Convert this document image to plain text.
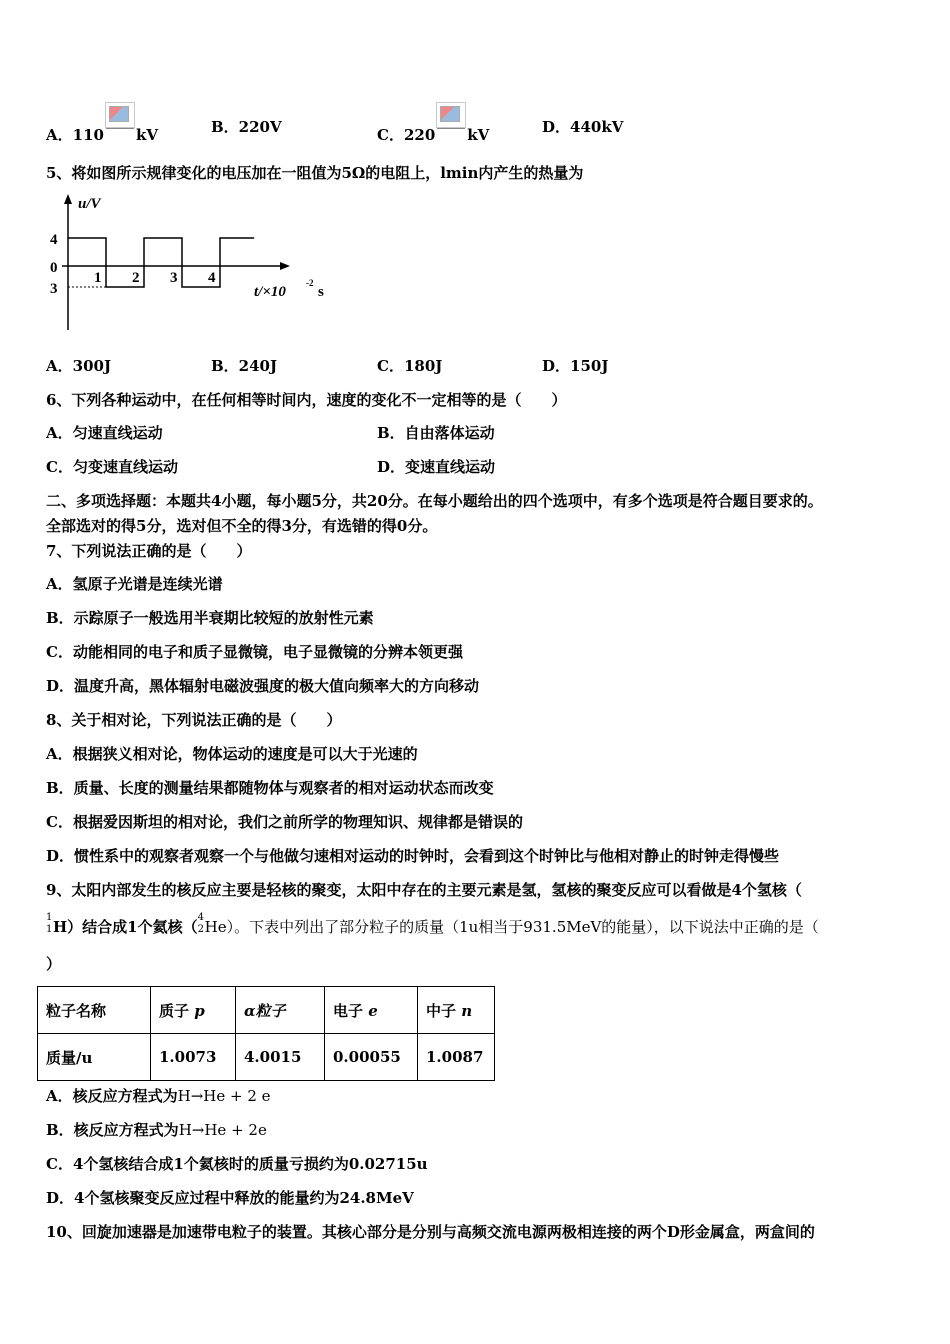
A．110 kV	B．220V	C．220 kV	D．440kV
5、将如图所示规律变化的电压加在一阻值为5Ω的电阻上，lmin内产生的热量为
4
0
3
1 2 3 4
u/V
t/×10
-2
s
A．300J	B．240J	C．180J	D．150J
6、下列各种运动中，在任何相等时间内，速度的变化不一定相等的是（　　）
A．匀速直线运动	B．自由落体运动
C．匀变速直线运动	D．变速直线运动
二、多项选择题：本题共4小题，每小题5分，共20分。在每小题给出的四个选项中，有多个选项是符合题目要求的。
全部选对的得5分，选对但不全的得3分，有选错的得0分。
7、下列说法正确的是（　　）
A．氢原子光谱是连续光谱
B．示踪原子一般选用半衰期比较短的放射性元素
C．动能相同的电子和质子显微镜，电子显微镜的分辨本领更强
D．温度升高，黑体辐射电磁波强度的极大值向频率大的方向移动
8、关于相对论，下列说法正确的是（　　）
A．根据狭义相对论，物体运动的速度是可以大于光速的
B．质量、长度的测量结果都随物体与观察者的相对运动状态而改变
C．根据爱因斯坦的相对论，我们之前所学的物理知识、规律都是错误的
D．惯性系中的观察者观察一个与他做匀速相对运动的时钟时，会看到这个时钟比与他相对静止的时钟走得慢些
9、太阳内部发生的核反应主要是轻核的聚变，太阳中存在的主要元素是氢，氢核的聚变反应可以看做是4个氢核（
1
1 H）结合成1个氦核（
4
2 He）。下表中列出了部分粒子的质量（1u相当于931.5MeV的能量），以下说法中正确的是（
）
粒子名称	质子 p	α粒子	电子 e	中子 n
质量/u	1.0073	4.0015	0.00055	1.0087
A．核反应方程式为H→He + 2 e
B．核反应方程式为H→He + 2e
C．4个氢核结合成1个氦核时的质量亏损约为0.02715u
D．4个氢核聚变反应过程中释放的能量约为24.8MeV
10、回旋加速器是加速带电粒子的装置。其核心部分是分别与高频交流电源两极相连接的两个D形金属盒，两盒间的
